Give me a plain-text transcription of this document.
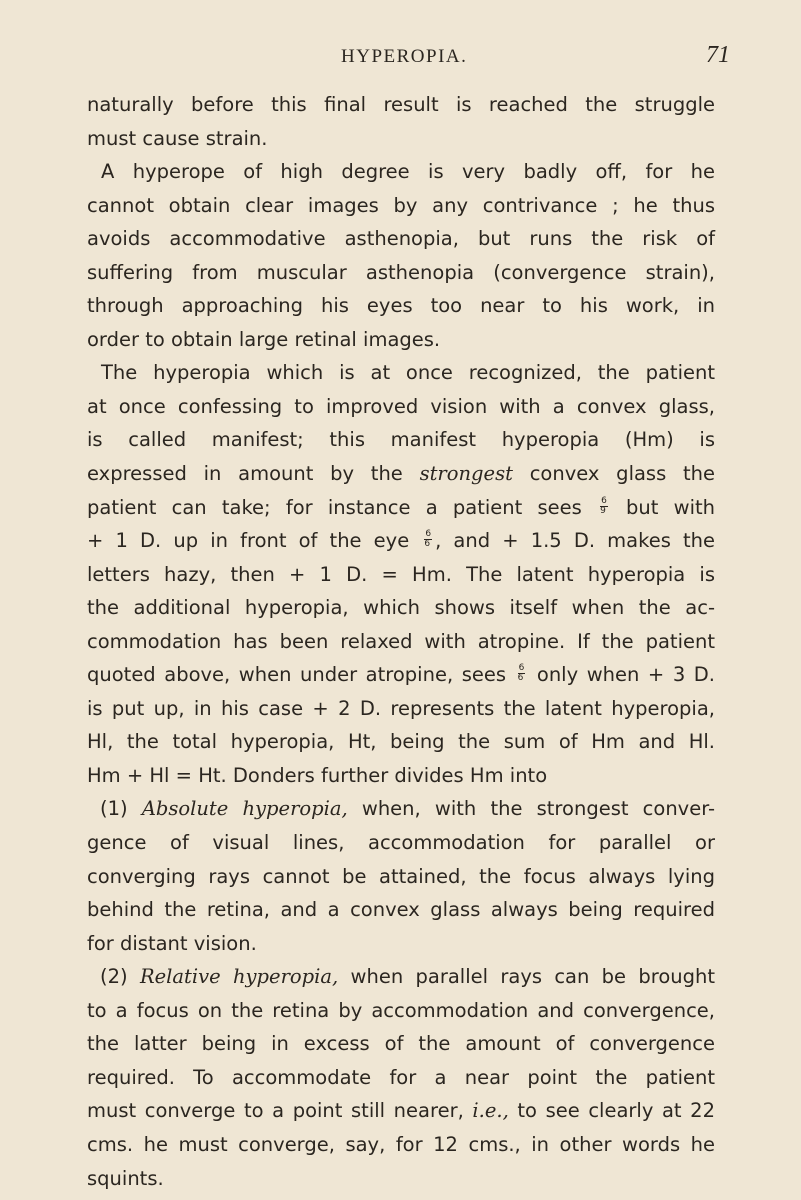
HYPEROPIA.	71
naturally before this final result is reached the struggle
must cause strain.
A hyperope of high degree is very badly off, for he
cannot obtain clear images by any contrivance ; he thus
avoids accommodative asthenopia, but runs the risk of
suffering from muscular asthenopia (convergence strain),
through approaching his eyes too near to his work, in
order to obtain large retinal images.
The hyperopia which is at once recognized, the patient
at once confessing to improved vision with a convex glass,
is called manifest; this manifest hyperopia (Hm) is
expressed in amount by the strongest convex glass the
patient can take; for instance a patient sees $\frac{6}{9}$ but with
+ 1 D. up in front of the eye $\frac{6}{6}$ , and + 1.5 D. makes the
letters hazy, then + 1 D. = Hm. The latent hyperopia is
the additional hyperopia, which shows itself when the ac-
commodation has been relaxed with atropine. If the patient
quoted above, when under atropine, sees $\frac{6}{6}$ only when + 3 D.
is put up, in his case + 2 D. represents the latent hyperopia,
Hl, the total hyperopia, Ht, being the sum of Hm and Hl.
Hm + Hl = Ht. Donders further divides Hm into
(1) Absolute hyperopia, when, with the strongest conver-
gence of visual lines, accommodation for parallel or
converging rays cannot be attained, the focus always lying
behind the retina, and a convex glass always being required
for distant vision.
(2) Relative hyperopia, when parallel rays can be brought
to a focus on the retina by accommodation and convergence,
the latter being in excess of the amount of convergence
required. To accommodate for a near point the patient
must converge to a point still nearer, i.e., to see clearly at 22
cms. he must converge, say, for 12 cms., in other words he
squints.
